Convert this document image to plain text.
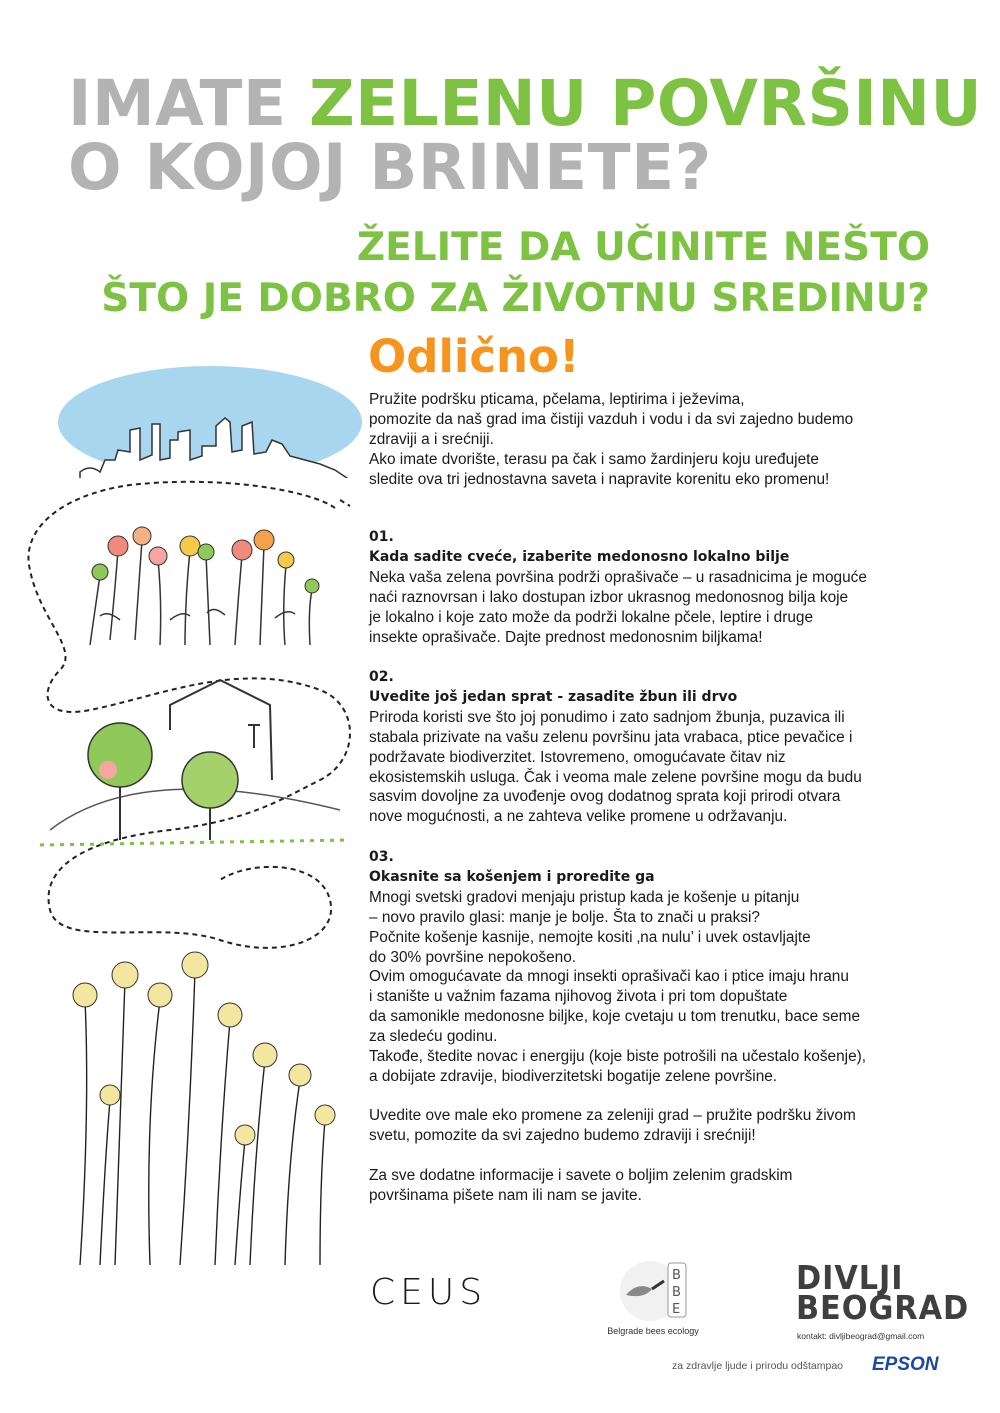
IMATE ZELENU POVRŠINU
O KOJOJ BRINETE?
ŽELITE DA UČINITE NEŠTO
ŠTO JE DOBRO ZA ŽIVOTNU SREDINU?
Odlično!

Pružite podršku pticama, pčelama, leptirima i ježevima,

pomozite da naš grad ima čistiji vazduh i vodu i da svi zajedno budemo

zdraviji a i srećniji.

Ako imate dvorište, terasu pa čak i samo žardinjeru koju uređujete

sledite ova tri jednostavna saveta i napravite korenitu eko promenu!

01.

Kada sadite cveće, izaberite medonosno lokalno bilje

Neka vaša zelena površina podrži oprašivače – u rasadnicima je moguće

naći raznovrsan i lako dostupan izbor ukrasnog medonosnog bilja koje

je lokalno i koje zato može da podrži lokalne pčele, leptire i druge

insekte oprašivače. Dajte prednost medonosnim biljkama!

02.

Uvedite još jedan sprat - zasadite žbun ili drvo

Priroda koristi sve što joj ponudimo i zato sadnjom žbunja, puzavica ili

stabala prizivate na vašu zelenu površinu jata vrabaca, ptice pevačice i

podržavate biodiverzitet. Istovremeno, omogućavate čitav niz

ekosistemskih usluga. Čak i veoma male zelene površine mogu da budu

sasvim dovoljne za uvođenje ovog dodatnog sprata koji prirodi otvara

nove mogućnosti, a ne zahteva velike promene u održavanju.

03.

Okasnite sa košenjem i proredite ga

Mnogi svetski gradovi menjaju pristup kada je košenje u pitanju

– novo pravilo glasi: manje je bolje. Šta to znači u praksi?

Počnite košenje kasnije, nemojte kositi ‚na nulu’ i uvek ostavljajte

do 30% površine nepokošeno.

Ovim omogućavate da mnogi insekti oprašivači kao i ptice imaju hranu

i stanište u važnim fazama njihovog života i pri tom dopuštate

da samonikle medonosne biljke, koje cvetaju u tom trenutku, bace seme

za sledeću godinu.

Takođe, štedite novac i energiju (koje biste potrošili na učestalo košenje),

a dobijate zdravije, biodiverzitetski bogatije zelene površine.

Uvedite ove male eko promene za zeleniji grad – pružite podršku živom

svetu, pomozite da svi zajedno budemo zdraviji i srećniji!

Za sve dodatne informacije i savete o boljim zelenim gradskim

površinama pišete nam ili nam se javite.

CEUS	B
B
E
Belgrade bees ecology
DIVLJI
BEOGRAD
kontakt: divljibeograd@gmail.com
za zdravlje ljude i prirodu odštampao EPSON
